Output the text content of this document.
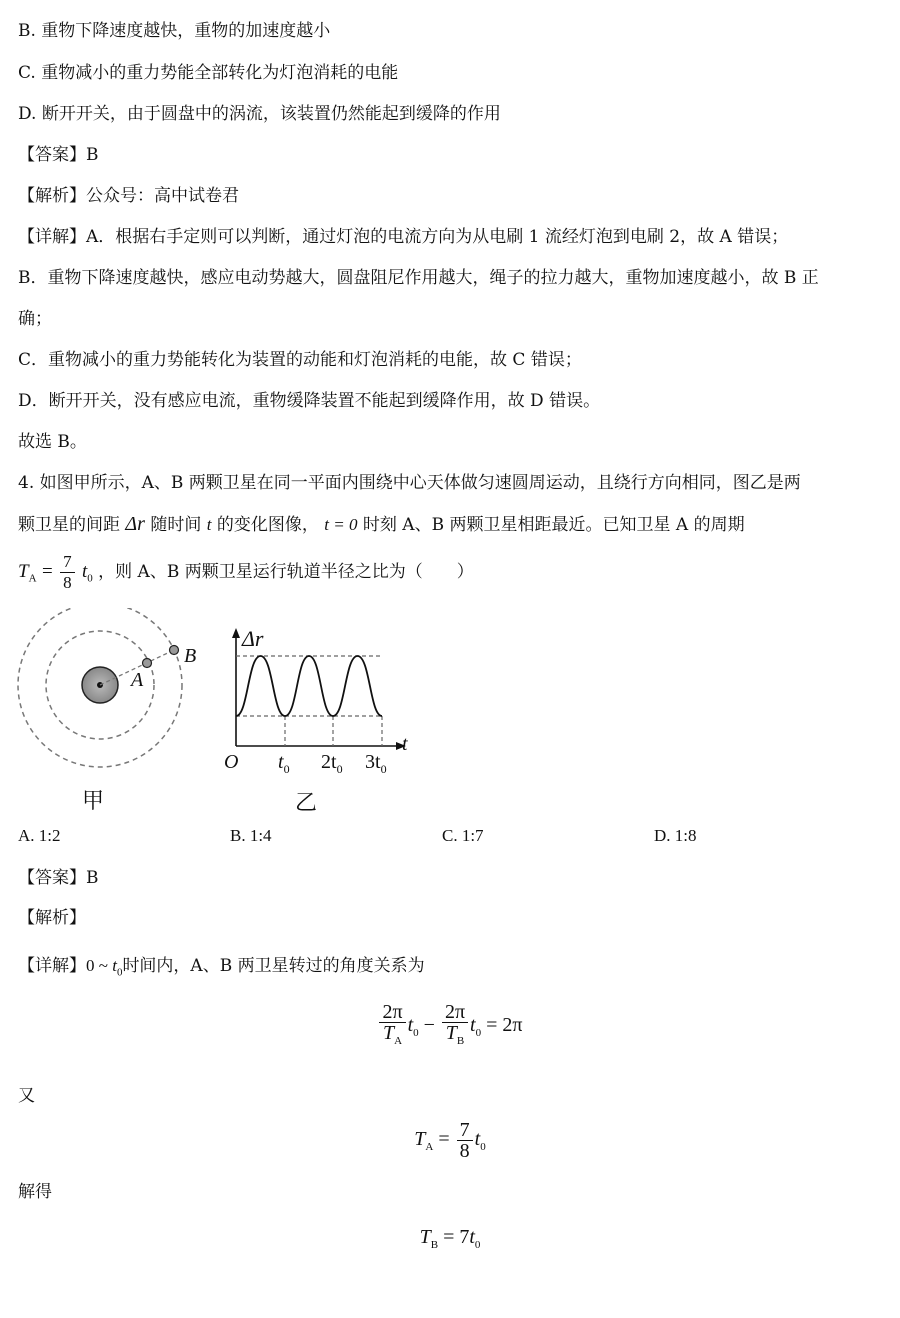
B. 重物下降速度越快，重物的加速度越小
C. 重物减小的重力势能全部转化为灯泡消耗的电能
D. 断开开关，由于圆盘中的涡流，该装置仍然能起到缓降的作用
【答案】B
【解析】公众号：高中试卷君
【详解】A．根据右手定则可以判断，通过灯泡的电流方向为从电刷 1 流经灯泡到电刷 2，故 A 错误；
B．重物下降速度越快，感应电动势越大，圆盘阻尼作用越大，绳子的拉力越大，重物加速度越小，故 B 正
确；
C．重物减小的重力势能转化为装置的动能和灯泡消耗的电能，故 C 错误；
D．断开开关，没有感应电流，重物缓降装置不能起到缓降作用，故 D 错误。
故选 B。
4. 如图甲所示，A、B 两颗卫星在同一平面内围绕中心天体做匀速圆周运动，且绕行方向相同，图乙是两
颗卫星的间距 Δr 随时间 t 的变化图像， t = 0 时刻 A、B 两颗卫星相距最近。已知卫星 A 的周期
$T_A = \frac{7}{8} t_0$ ，则 A、B 两颗卫星运行轨道半径之比为（　　）
A
B
甲
Δr
t
O $t_0$ $2t_0$ $3t_0$
乙
A. 1:2	B. 1:4	C. 1:7	D. 1:8
【答案】B
【解析】
【详解】0 ~ $t_0$时间内，A、B 两卫星转过的角度关系为
$\frac{2\pi}{T_A} t_0 - \frac{2\pi}{T_B} t_0 = 2\pi$
又
$T_A = \frac{7}{8} t_0$
解得
$T_B = 7t_0$
